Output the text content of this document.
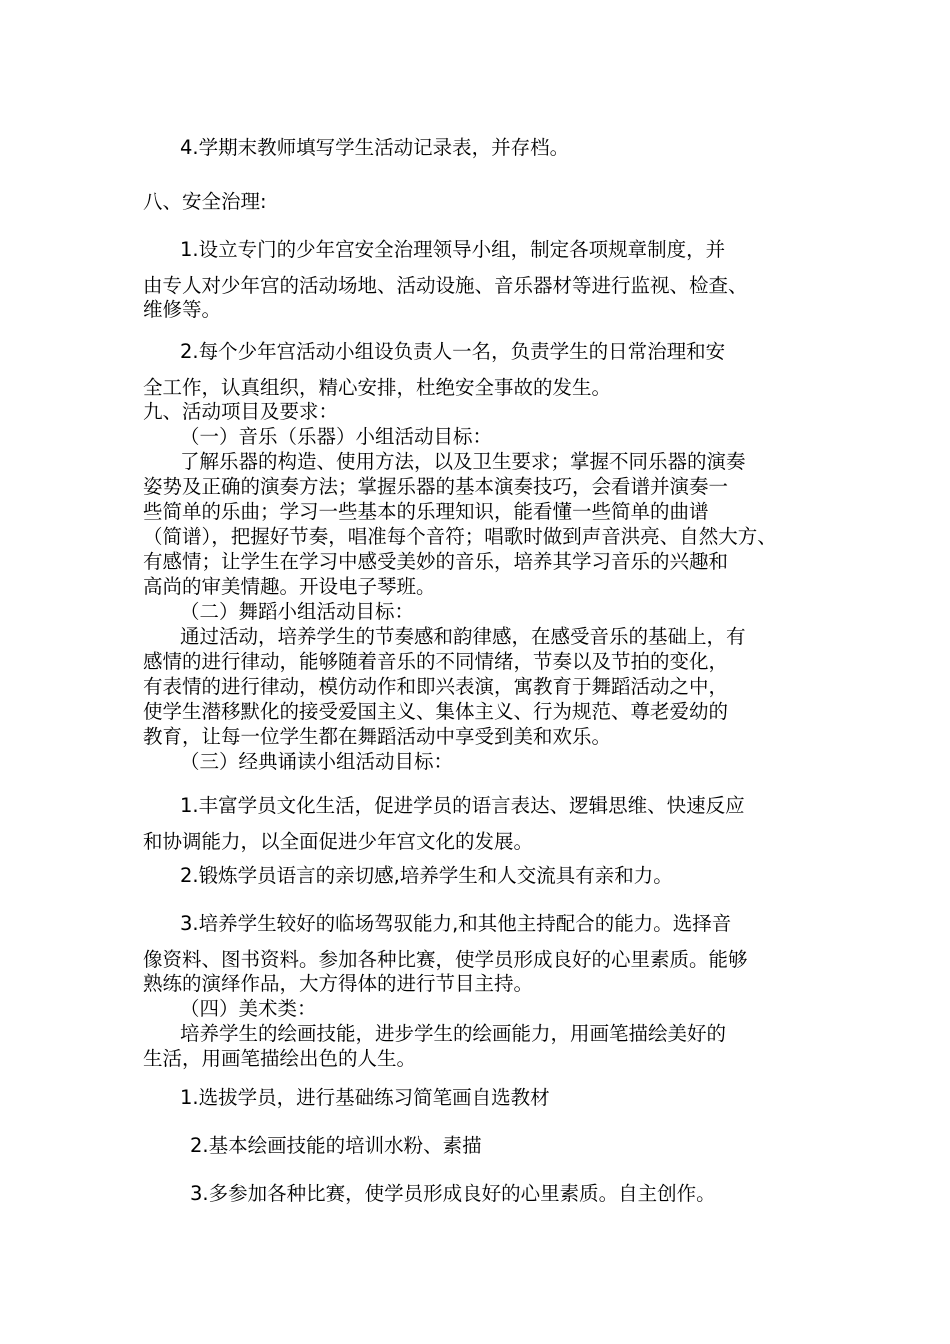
4.学期末教师填写学生活动记录表，并存档。
八、安全治理:
1.设立专门的少年宫安全治理领导小组，制定各项规章制度，并
由专人对少年宫的活动场地、活动设施、音乐器材等进行监视、检查、
维修等。
2.每个少年宫活动小组设负责人一名，负责学生的日常治理和安
全工作，认真组织，精心安排，杜绝安全事故的发生。
九、活动项目及要求：
（一）音乐（乐器）小组活动目标：
了解乐器的构造、使用方法，以及卫生要求；掌握不同乐器的演奏
姿势及正确的演奏方法；掌握乐器的基本演奏技巧，会看谱并演奏一
些简单的乐曲；学习一些基本的乐理知识，能看懂一些简单的曲谱
（简谱），把握好节奏，唱准每个音符；唱歌时做到声音洪亮、自然大方、
有感情；让学生在学习中感受美妙的音乐，培养其学习音乐的兴趣和
高尚的审美情趣。开设电子琴班。
（二）舞蹈小组活动目标：
通过活动，培养学生的节奏感和韵律感，在感受音乐的基础上，有
感情的进行律动，能够随着音乐的不同情绪，节奏以及节拍的变化，
有表情的进行律动，模仿动作和即兴表演，寓教育于舞蹈活动之中，
使学生潜移默化的接受爱国主义、集体主义、行为规范、尊老爱幼的
教育，让每一位学生都在舞蹈活动中享受到美和欢乐。
（三）经典诵读小组活动目标：
1.丰富学员文化生活，促进学员的语言表达、逻辑思维、快速反应
和协调能力，以全面促进少年宫文化的发展。
2.锻炼学员语言的亲切感,培养学生和人交流具有亲和力。
3.培养学生较好的临场驾驭能力,和其他主持配合的能力。选择音
像资料、图书资料。参加各种比赛，使学员形成良好的心里素质。能够
熟练的演绎作品，大方得体的进行节目主持。
（四）美术类：
培养学生的绘画技能，进步学生的绘画能力，用画笔描绘美好的
生活，用画笔描绘出色的人生。
1.选拔学员，进行基础练习简笔画自选教材
2.基本绘画技能的培训水粉、素描
3.多参加各种比赛，使学员形成良好的心里素质。自主创作。
